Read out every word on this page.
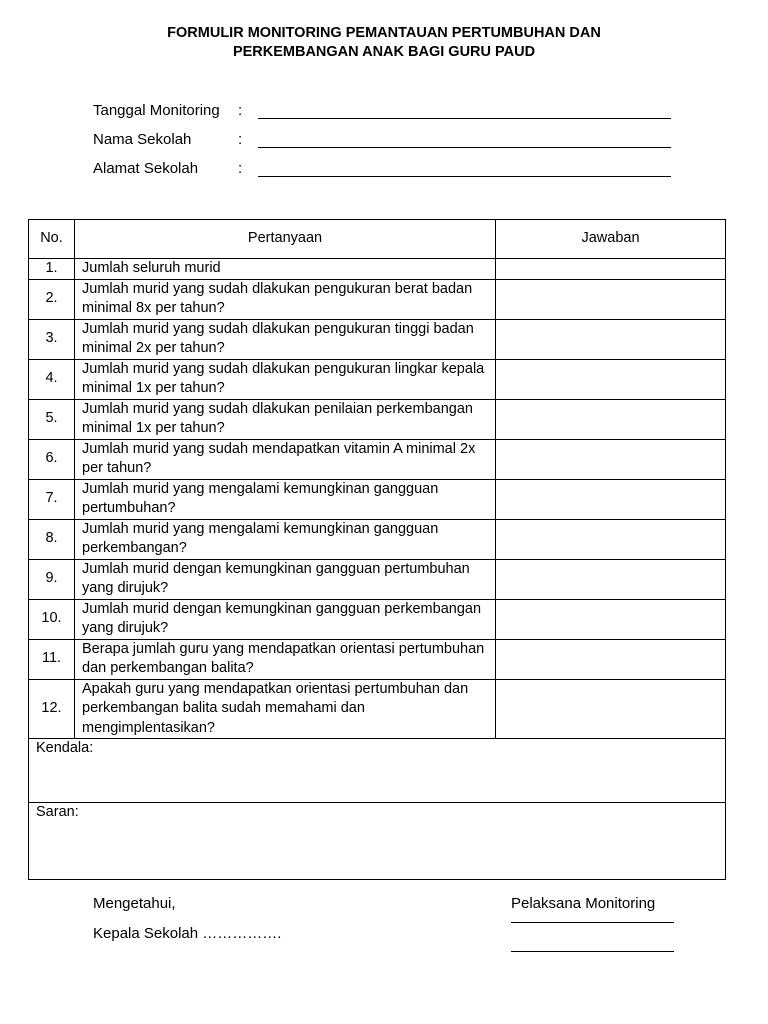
FORMULIR MONITORING PEMANTAUAN PERTUMBUHAN DAN
PERKEMBANGAN ANAK BAGI GURU PAUD
Tanggal Monitoring :
Nama Sekolah	:
Alamat Sekolah	:
No.	Pertanyaan	Jawaban
1.	Jumlah seluruh murid	
2.	Jumlah murid yang sudah dlakukan pengukuran berat badan minimal 8x per tahun?	
3.	Jumlah murid yang sudah dlakukan pengukuran tinggi badan minimal 2x per tahun?	
4.	Jumlah murid yang sudah dlakukan pengukuran lingkar kepala minimal 1x per tahun?	
5.	Jumlah murid yang sudah dlakukan penilaian perkembangan minimal 1x per tahun?	
6.	Jumlah murid yang sudah mendapatkan vitamin A minimal 2x per tahun?	
7.	Jumlah murid yang mengalami kemungkinan gangguan pertumbuhan?	
8.	Jumlah murid yang mengalami kemungkinan gangguan perkembangan?	
9.	Jumlah murid dengan kemungkinan gangguan pertumbuhan yang dirujuk?	
10.	Jumlah murid dengan kemungkinan gangguan perkembangan yang dirujuk?	
11.	Berapa jumlah guru yang mendapatkan orientasi pertumbuhan dan perkembangan balita?	
12.	Apakah guru yang mendapatkan orientasi pertumbuhan dan perkembangan balita sudah memahami dan mengimplentasikan?	
Kendala:		
Saran:		
Mengetahui,
Kepala Sekolah …………….
Pelaksana Monitoring
